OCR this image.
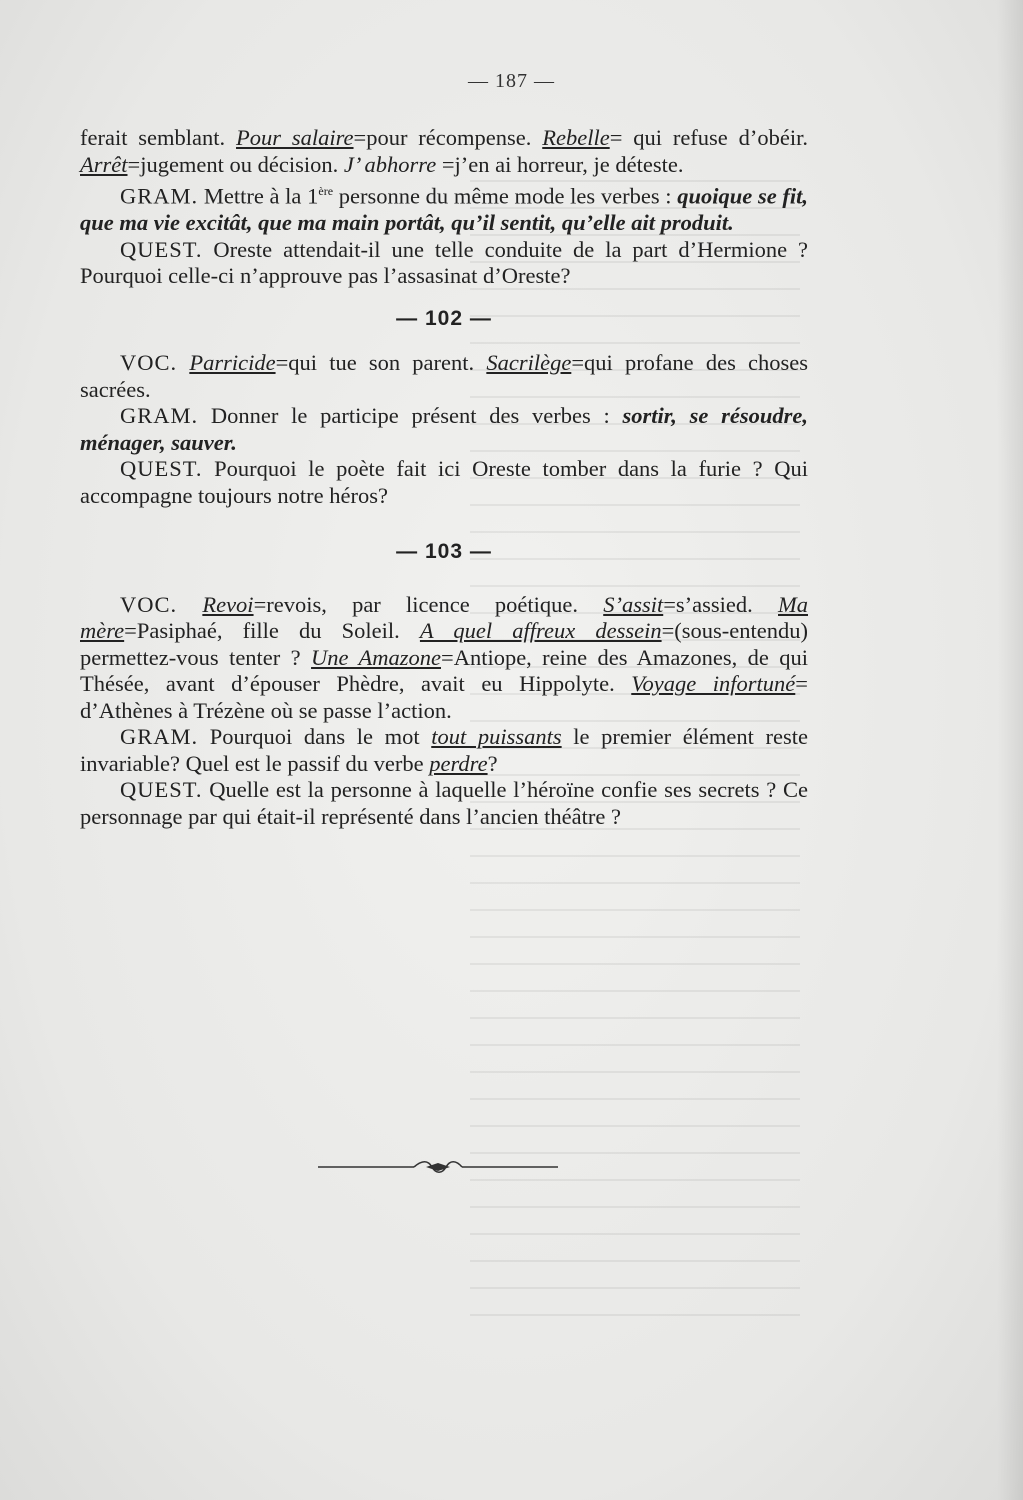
— 187 —

ferait semblant. Pour salaire=pour récompense. Rebelle= qui refuse d’obéir. Arrêt=jugement ou décision. J’ abhorre =j’en ai horreur, je déteste.

GRAM. Mettre à la 1ère personne du même mode les verbes : quoique se fit, que ma vie excitât, que ma main portât, qu’il sentit, qu’elle ait produit.

QUEST. Oreste attendait-il une telle conduite de la part d’Hermione ? Pourquoi celle-ci n’approuve pas l’assasinat d’Oreste?

— 102 —

VOC. Parricide=qui tue son parent. Sacrilège=qui profane des choses sacrées.

GRAM. Donner le participe présent des verbes : sortir, se résoudre, ménager, sauver.

QUEST. Pourquoi le poète fait ici Oreste tomber dans la furie ? Qui accompagne toujours notre héros?

— 103 —

VOC. Revoi=revois, par licence poétique. S’assit=s’assied. Ma mère=Pasiphaé, fille du Soleil. A quel affreux dessein=(sous-entendu) permettez-vous tenter ? Une Amazone=Antiope, reine des Amazones, de qui Thésée, avant d’épouser Phèdre, avait eu Hippolyte. Voyage infortuné= d’Athènes à Trézène où se passe l’action.

GRAM. Pourquoi dans le mot tout puissants le premier élément reste invariable? Quel est le passif du verbe perdre?

QUEST. Quelle est la personne à laquelle l’héroïne confie ses secrets ? Ce personnage par qui était-il représenté dans l’ancien théâtre ?
